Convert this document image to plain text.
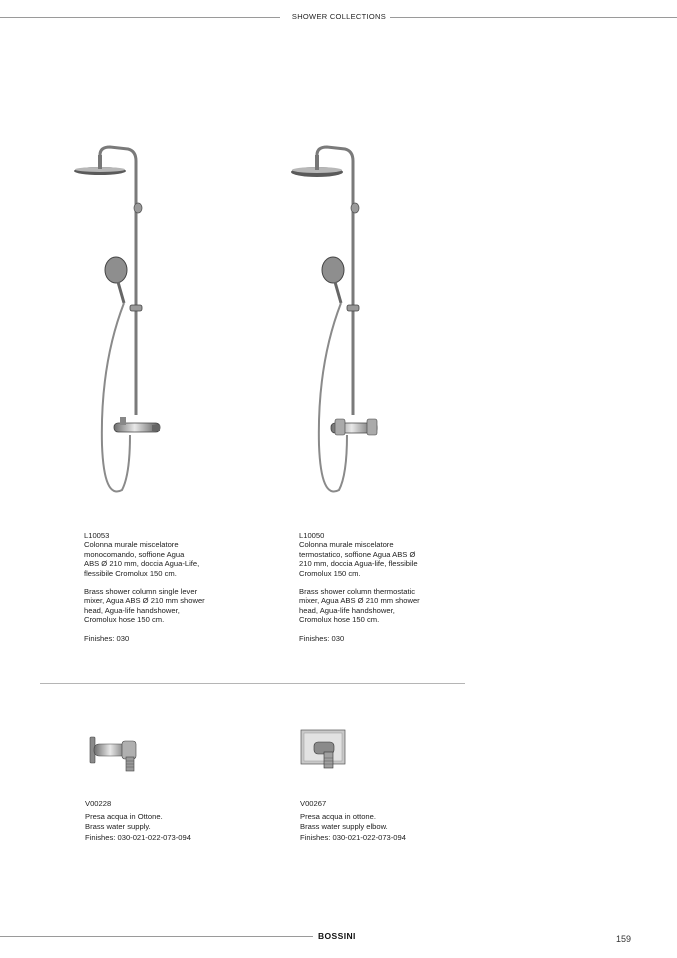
SHOWER COLLECTIONS

L10053

Colonna murale miscelatore

monocomando, soffione Agua

ABS Ø 210 mm, doccia Agua-Life,

flessibile Cromolux 150 cm.

Brass shower column single lever

mixer, Agua ABS Ø 210 mm shower

head, Agua-life handshower,

Cromolux hose 150 cm.

Finishes: 030

L10050

Colonna murale miscelatore

termostatico, soffione Agua ABS Ø

210 mm, doccia Agua-life, flessibile

Cromolux 150 cm.

Brass shower column thermostatic

mixer, Agua ABS Ø 210 mm shower

head, Agua-life handshower,

Cromolux hose 150 cm.

Finishes: 030

V00228

Presa acqua in Ottone.

Brass water supply.

Finishes: 030-021-022-073-094

V00267

Presa acqua in ottone.

Brass water supply elbow.

Finishes: 030-021-022-073-094

BOSSINI	159
